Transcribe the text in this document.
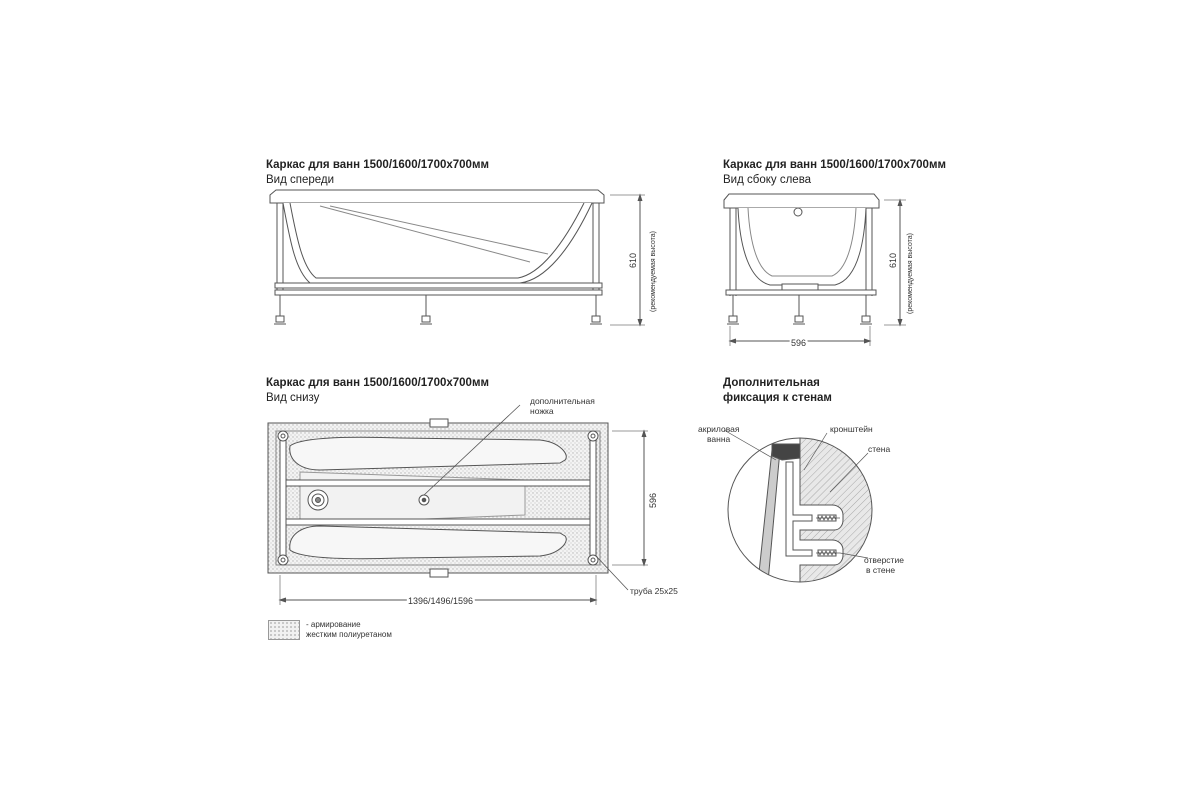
Каркас для ванн 1500/1600/1700x700мм
Вид спереди
Каркас для ванн 1500/1600/1700x700мм
Вид сбоку слева
Каркас для ванн 1500/1600/1700x700мм
Вид снизу
Дополнительная
фиксация к стенам
610 (рекомендуемая высота)
596
610 (рекомендуемая высота)
дополнительная
ножка
596
1396/1496/1596
труба 25х25
акриловая
ванна
кронштейн
стена
отверстие
в стене
- армирование
жестким полиуретаном
